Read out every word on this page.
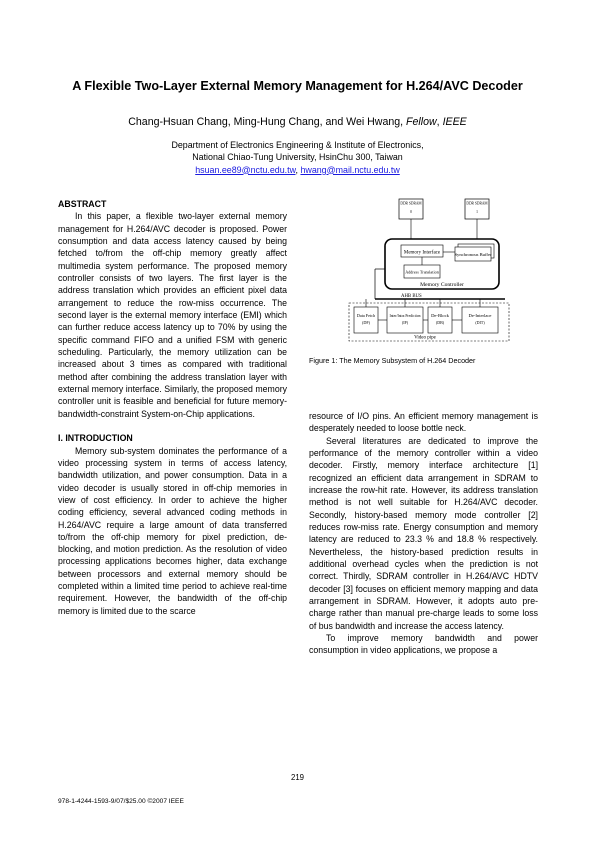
A Flexible Two-Layer External Memory Management for H.264/AVC Decoder
Chang-Hsuan Chang, Ming-Hung Chang, and Wei Hwang, Fellow, IEEE
Department of Electronics Engineering & Institute of Electronics,
National Chiao-Tung University, HsinChu 300, Taiwan
hsuan.ee89@nctu.edu.tw, hwang@mail.nctu.edu.tw
ABSTRACT

In this paper, a flexible two-layer external memory management for H.264/AVC decoder is proposed. Power consumption and data access latency caused by being fetched to/from the off-chip memory greatly affect multimedia system performance. The proposed memory controller consists of two layers. The first layer is the address translation which provides an efficient pixel data arrangement to reduce the row-miss occurrence. The second layer is the external memory interface (EMI) which can further reduce access latency up to 70% by using the specific command FIFO and a unified FSM with generic scheduling. Particularly, the memory utilization can be increased about 3 times as compared with traditional method after combining the address translation layer with external memory interface. Similarly, the proposed memory controller unit is feasible and beneficial for future memory-bandwidth-constraint System-on-Chip applications.

I. INTRODUCTION

Memory sub-system dominates the performance of a video processing system in terms of access latency, bandwidth utilization, and power consumption. Data in a video decoder is usually stored in off-chip memories in view of cost efficiency. In order to achieve the higher coding efficiency, several advanced coding methods in H.264/AVC require a large amount of data transferred to/from the off-chip memory for pixel prediction, de-blocking, and motion prediction. As the resolution of video processing applications becomes higher, data exchange between processors and external memory should be completed within a limited time period to achieve real-time requirement. However, the bandwidth of the off-chip memory is limited due to the scarce

DDR SDRAM
0
DDR SDRAM
1
Memory Interface	Synchronous Buffer
Address Translation
Memory Controller
AHB BUS
Data Fetch
(DF)
Inter/Intra Prediction
(IP)
De-Block
(DB)
De-Interlace
(DIT)
Video pipe
Figure 1: The Memory Subsystem of H.264 Decoder

resource of I/O pins. An efficient memory management is desperately needed to loose bottle neck.

Several literatures are dedicated to improve the performance of the memory controller within a video decoder. Firstly, memory interface architecture [1] recognized an efficient data arrangement in SDRAM to increase the row-hit rate. However, its address translation method is not well suitable for H.264/AVC decoder. Secondly, history-based memory mode controller [2] reduces row-miss rate. Energy consumption and memory latency are reduced to 23.3 % and 18.8 % respectively. Nevertheless, the history-based prediction results in additional overhead cycles when the prediction is not correct. Thirdly, SDRAM controller in H.264/AVC HDTV decoder [3] focuses on efficient memory mapping and data arrangement in SDRAM. However, it adopts auto pre-charge rather than manual pre-charge leads to some loss of bus bandwidth and increase the access latency.

To improve memory bandwidth and power consumption in video applications, we propose a

219
978-1-4244-1593-9/07/$25.00 ©2007 IEEE
